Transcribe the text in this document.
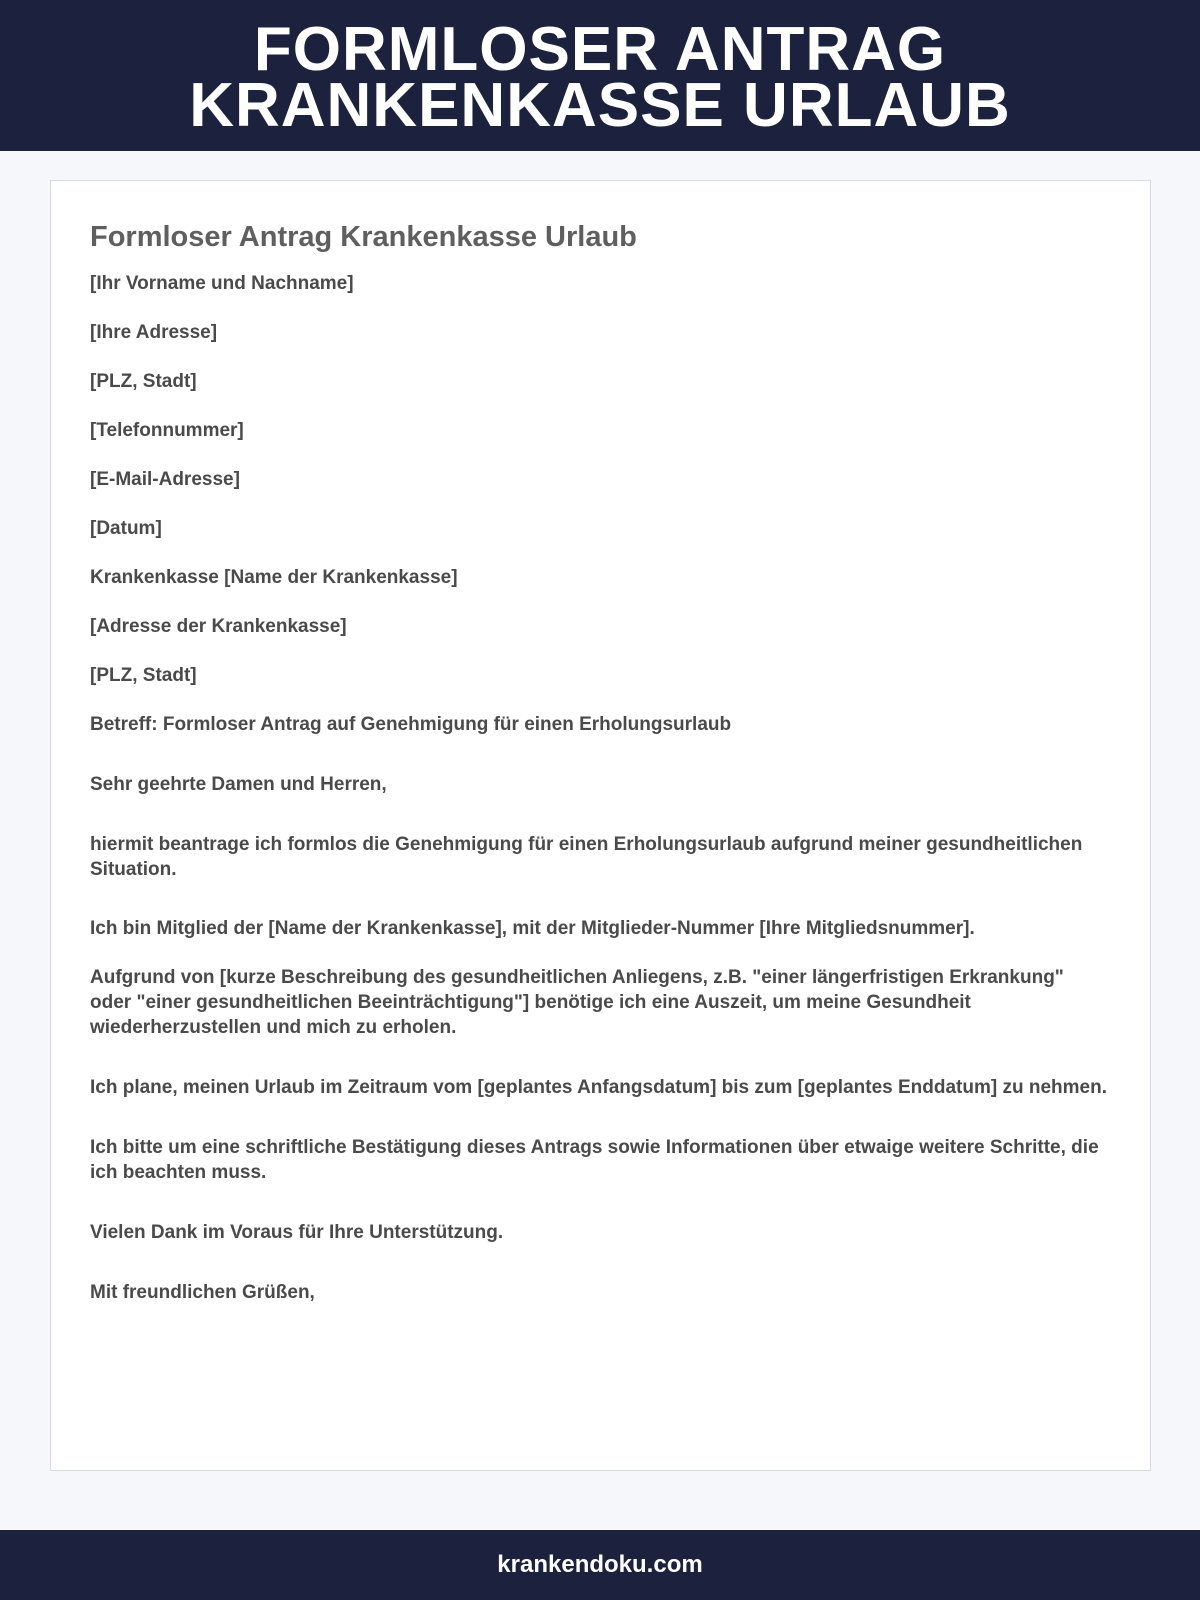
FORMLOSER ANTRAG
KRANKENKASSE URLAUB
Formloser Antrag Krankenkasse Urlaub
[Ihr Vorname und Nachname]
[Ihre Adresse]
[PLZ, Stadt]
[Telefonnummer]
[E-Mail-Adresse]
[Datum]
Krankenkasse [Name der Krankenkasse]
[Adresse der Krankenkasse]
[PLZ, Stadt]
Betreff: Formloser Antrag auf Genehmigung für einen Erholungsurlaub
Sehr geehrte Damen und Herren,
hiermit beantrage ich formlos die Genehmigung für einen Erholungsurlaub aufgrund meiner gesundheitlichen Situation.
Ich bin Mitglied der [Name der Krankenkasse], mit der Mitglieder-Nummer [Ihre Mitgliedsnummer].
Aufgrund von [kurze Beschreibung des gesundheitlichen Anliegens, z.B. "einer längerfristigen Erkrankung" oder "einer gesundheitlichen Beeinträchtigung"] benötige ich eine Auszeit, um meine Gesundheit wiederherzustellen und mich zu erholen.
Ich plane, meinen Urlaub im Zeitraum vom [geplantes Anfangsdatum] bis zum [geplantes Enddatum] zu nehmen.
Ich bitte um eine schriftliche Bestätigung dieses Antrags sowie Informationen über etwaige weitere Schritte, die ich beachten muss.
Vielen Dank im Voraus für Ihre Unterstützung.
Mit freundlichen Grüßen,
krankendoku.com
